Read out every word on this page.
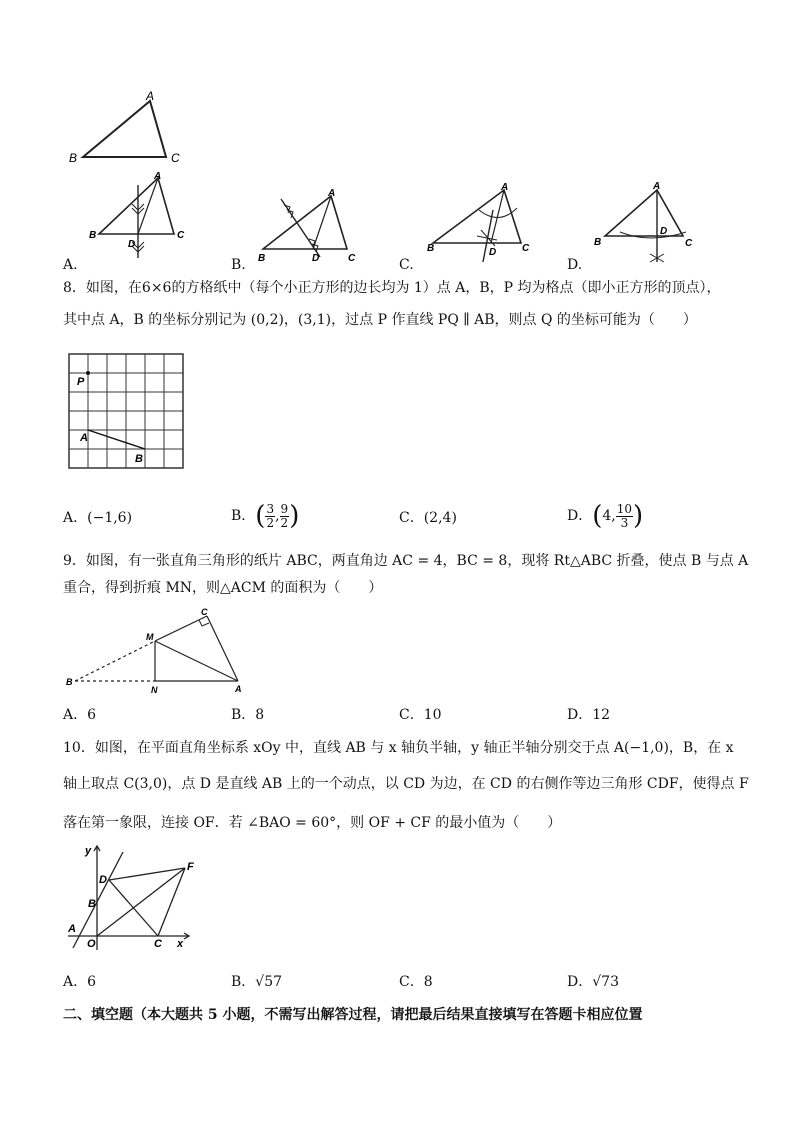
A
B	C
A
B	C
D
A.
A
B	C
D
B.
A
B	C
D
C.
A
B	C
D
D.
8．如图，在6×6的方格纸中（每个小正方形的边长均为 1）点 A，B，P 均为格点（即小正方形的顶点），
其中点 A，B 的坐标分别记为 (0,2)，(3,1)，过点 P 作直线 PQ ∥ AB，则点 Q 的坐标可能为（　　）
P
A
B
A．(−1,6)	B． ( $\frac{3}{2}$ , $\frac{9}{2}$ )	C．(2,4)	D． ( 4, $\frac{10}{3}$ )
9．如图，有一张直角三角形的纸片 ABC，两直角边 AC = 4，BC = 8，现将 Rt△ABC 折叠，使点 B 与点 A
重合，得到折痕 MN，则△ACM 的面积为（　　）
B
N	A
M
C
A．6	B．8	C．10	D．12
10．如图，在平面直角坐标系 xOy 中，直线 AB 与 x 轴负半轴，y 轴正半轴分别交于点 A(−1,0)，B，在 x
轴上取点 C(3,0)，点 D 是直线 AB 上的一个动点，以 CD 为边，在 CD 的右侧作等边三角形 CDF，使得点 F
落在第一象限，连接 OF．若 ∠BAO = 60°，则 OF + CF 的最小值为（　　）
y
D
F
B
A
O	C x
A．6	B．√57	C．8	D．√73
二、填空题（本大题共 5 小题，不需写出解答过程，请把最后结果直接填写在答题卡相应位置
